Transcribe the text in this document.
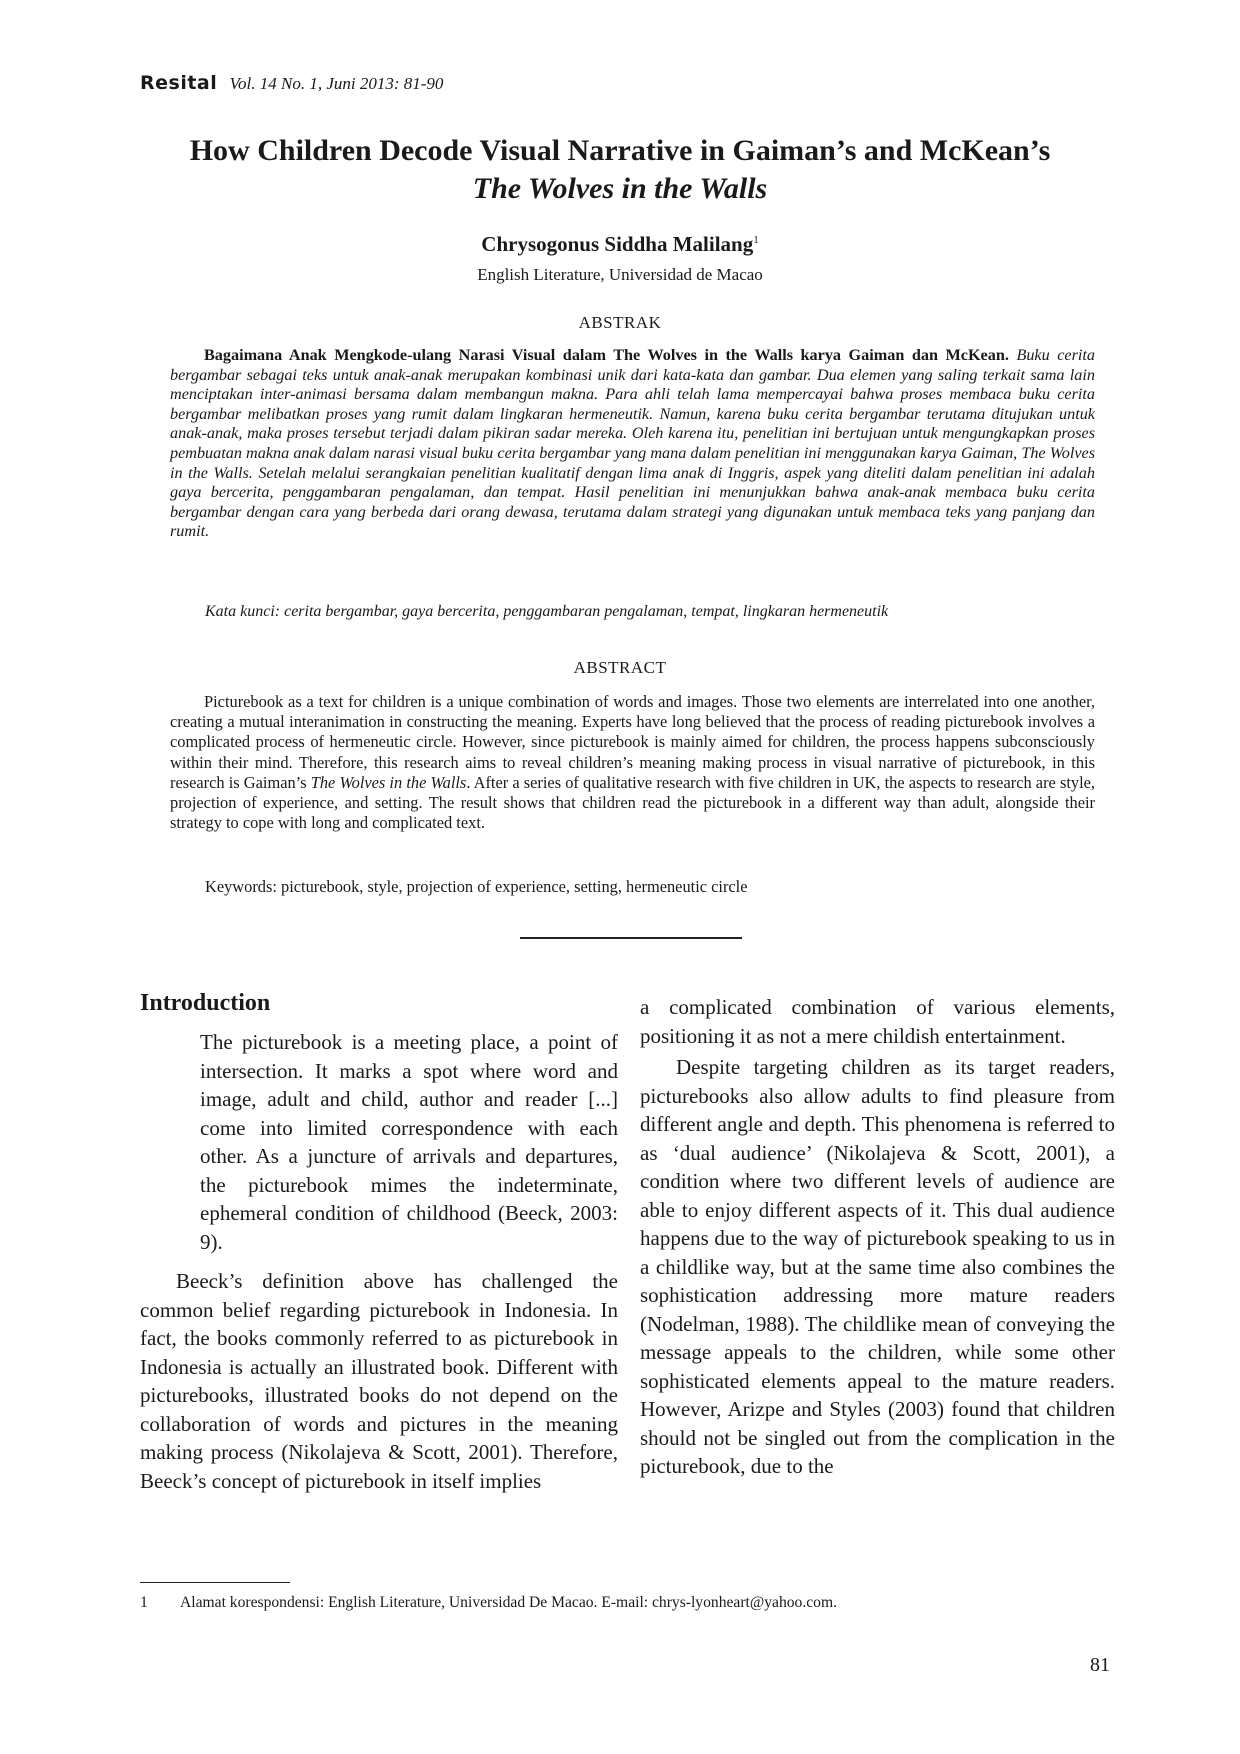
Resital Vol. 14 No. 1, Juni 2013: 81-90
How Children Decode Visual Narrative in Gaiman’s and McKean’s
The Wolves in the Walls
Chrysogonus Siddha Malilang$^1$
English Literature, Universidad de Macao
ABSTRAK
Bagaimana Anak Mengkode-ulang Narasi Visual dalam The Wolves in the Walls karya Gaiman dan McKean. Buku cerita bergambar sebagai teks untuk anak-anak merupakan kombinasi unik dari kata-kata dan gambar. Dua elemen yang saling terkait sama lain menciptakan inter-animasi bersama dalam membangun makna. Para ahli telah lama mempercayai bahwa proses membaca buku cerita bergambar melibatkan proses yang rumit dalam lingkaran hermeneutik. Namun, karena buku cerita bergambar terutama ditujukan untuk anak-anak, maka proses tersebut terjadi dalam pikiran sadar mereka. Oleh karena itu, penelitian ini bertujuan untuk mengungkapkan proses pembuatan makna anak dalam narasi visual buku cerita bergambar yang mana dalam penelitian ini menggunakan karya Gaiman, The Wolves in the Walls. Setelah melalui serangkaian penelitian kualitatif dengan lima anak di Inggris, aspek yang diteliti dalam penelitian ini adalah gaya bercerita, penggambaran pengalaman, dan tempat. Hasil penelitian ini menunjukkan bahwa anak-anak membaca buku cerita bergambar dengan cara yang berbeda dari orang dewasa, terutama dalam strategi yang digunakan untuk membaca teks yang panjang dan rumit.
Kata kunci: cerita bergambar, gaya bercerita, penggambaran pengalaman, tempat, lingkaran hermeneutik
ABSTRACT
Picturebook as a text for children is a unique combination of words and images. Those two elements are interrelated into one another, creating a mutual interanimation in constructing the meaning. Experts have long believed that the process of reading picturebook involves a complicated process of hermeneutic circle. However, since picturebook is mainly aimed for children, the process happens subconsciously within their mind. Therefore, this research aims to reveal children’s meaning making process in visual narrative of picturebook, in this research is Gaiman’s The Wolves in the Walls. After a series of qualitative research with five children in UK, the aspects to research are style, projection of experience, and setting. The result shows that children read the picturebook in a different way than adult, alongside their strategy to cope with long and complicated text.
Keywords: picturebook, style, projection of experience, setting, hermeneutic circle
Introduction
The picturebook is a meeting place, a point of intersection. It marks a spot where word and image, adult and child, author and reader [...] come into limited correspondence with each other. As a juncture of arrivals and departures, the picturebook mimes the indeterminate, ephemeral condition of childhood (Beeck, 2003: 9).
Beeck’s definition above has challenged the common belief regarding picturebook in Indonesia. In fact, the books commonly referred to as picturebook in Indonesia is actually an illustrated book. Different with picturebooks, illustrated books do not depend on the collaboration of words and pictures in the meaning making process (Nikolajeva & Scott, 2001). Therefore, Beeck’s concept of picturebook in itself implies
a complicated combination of various elements, positioning it as not a mere childish entertainment.
Despite targeting children as its target readers, picturebooks also allow adults to find pleasure from different angle and depth. This phenomena is referred to as ‘dual audience’ (Nikolajeva & Scott, 2001), a condition where two different levels of audience are able to enjoy different aspects of it. This dual audience happens due to the way of picturebook speaking to us in a childlike way, but at the same time also combines the sophistication addressing more mature readers (Nodelman, 1988). The childlike mean of conveying the message appeals to the children, while some other sophisticated elements appeal to the mature readers. However, Arizpe and Styles (2003) found that children should not be singled out from the complication in the picturebook, due to the
1 Alamat korespondensi: English Literature, Universidad De Macao. E-mail: chrys-lyonheart@yahoo.com.
81
